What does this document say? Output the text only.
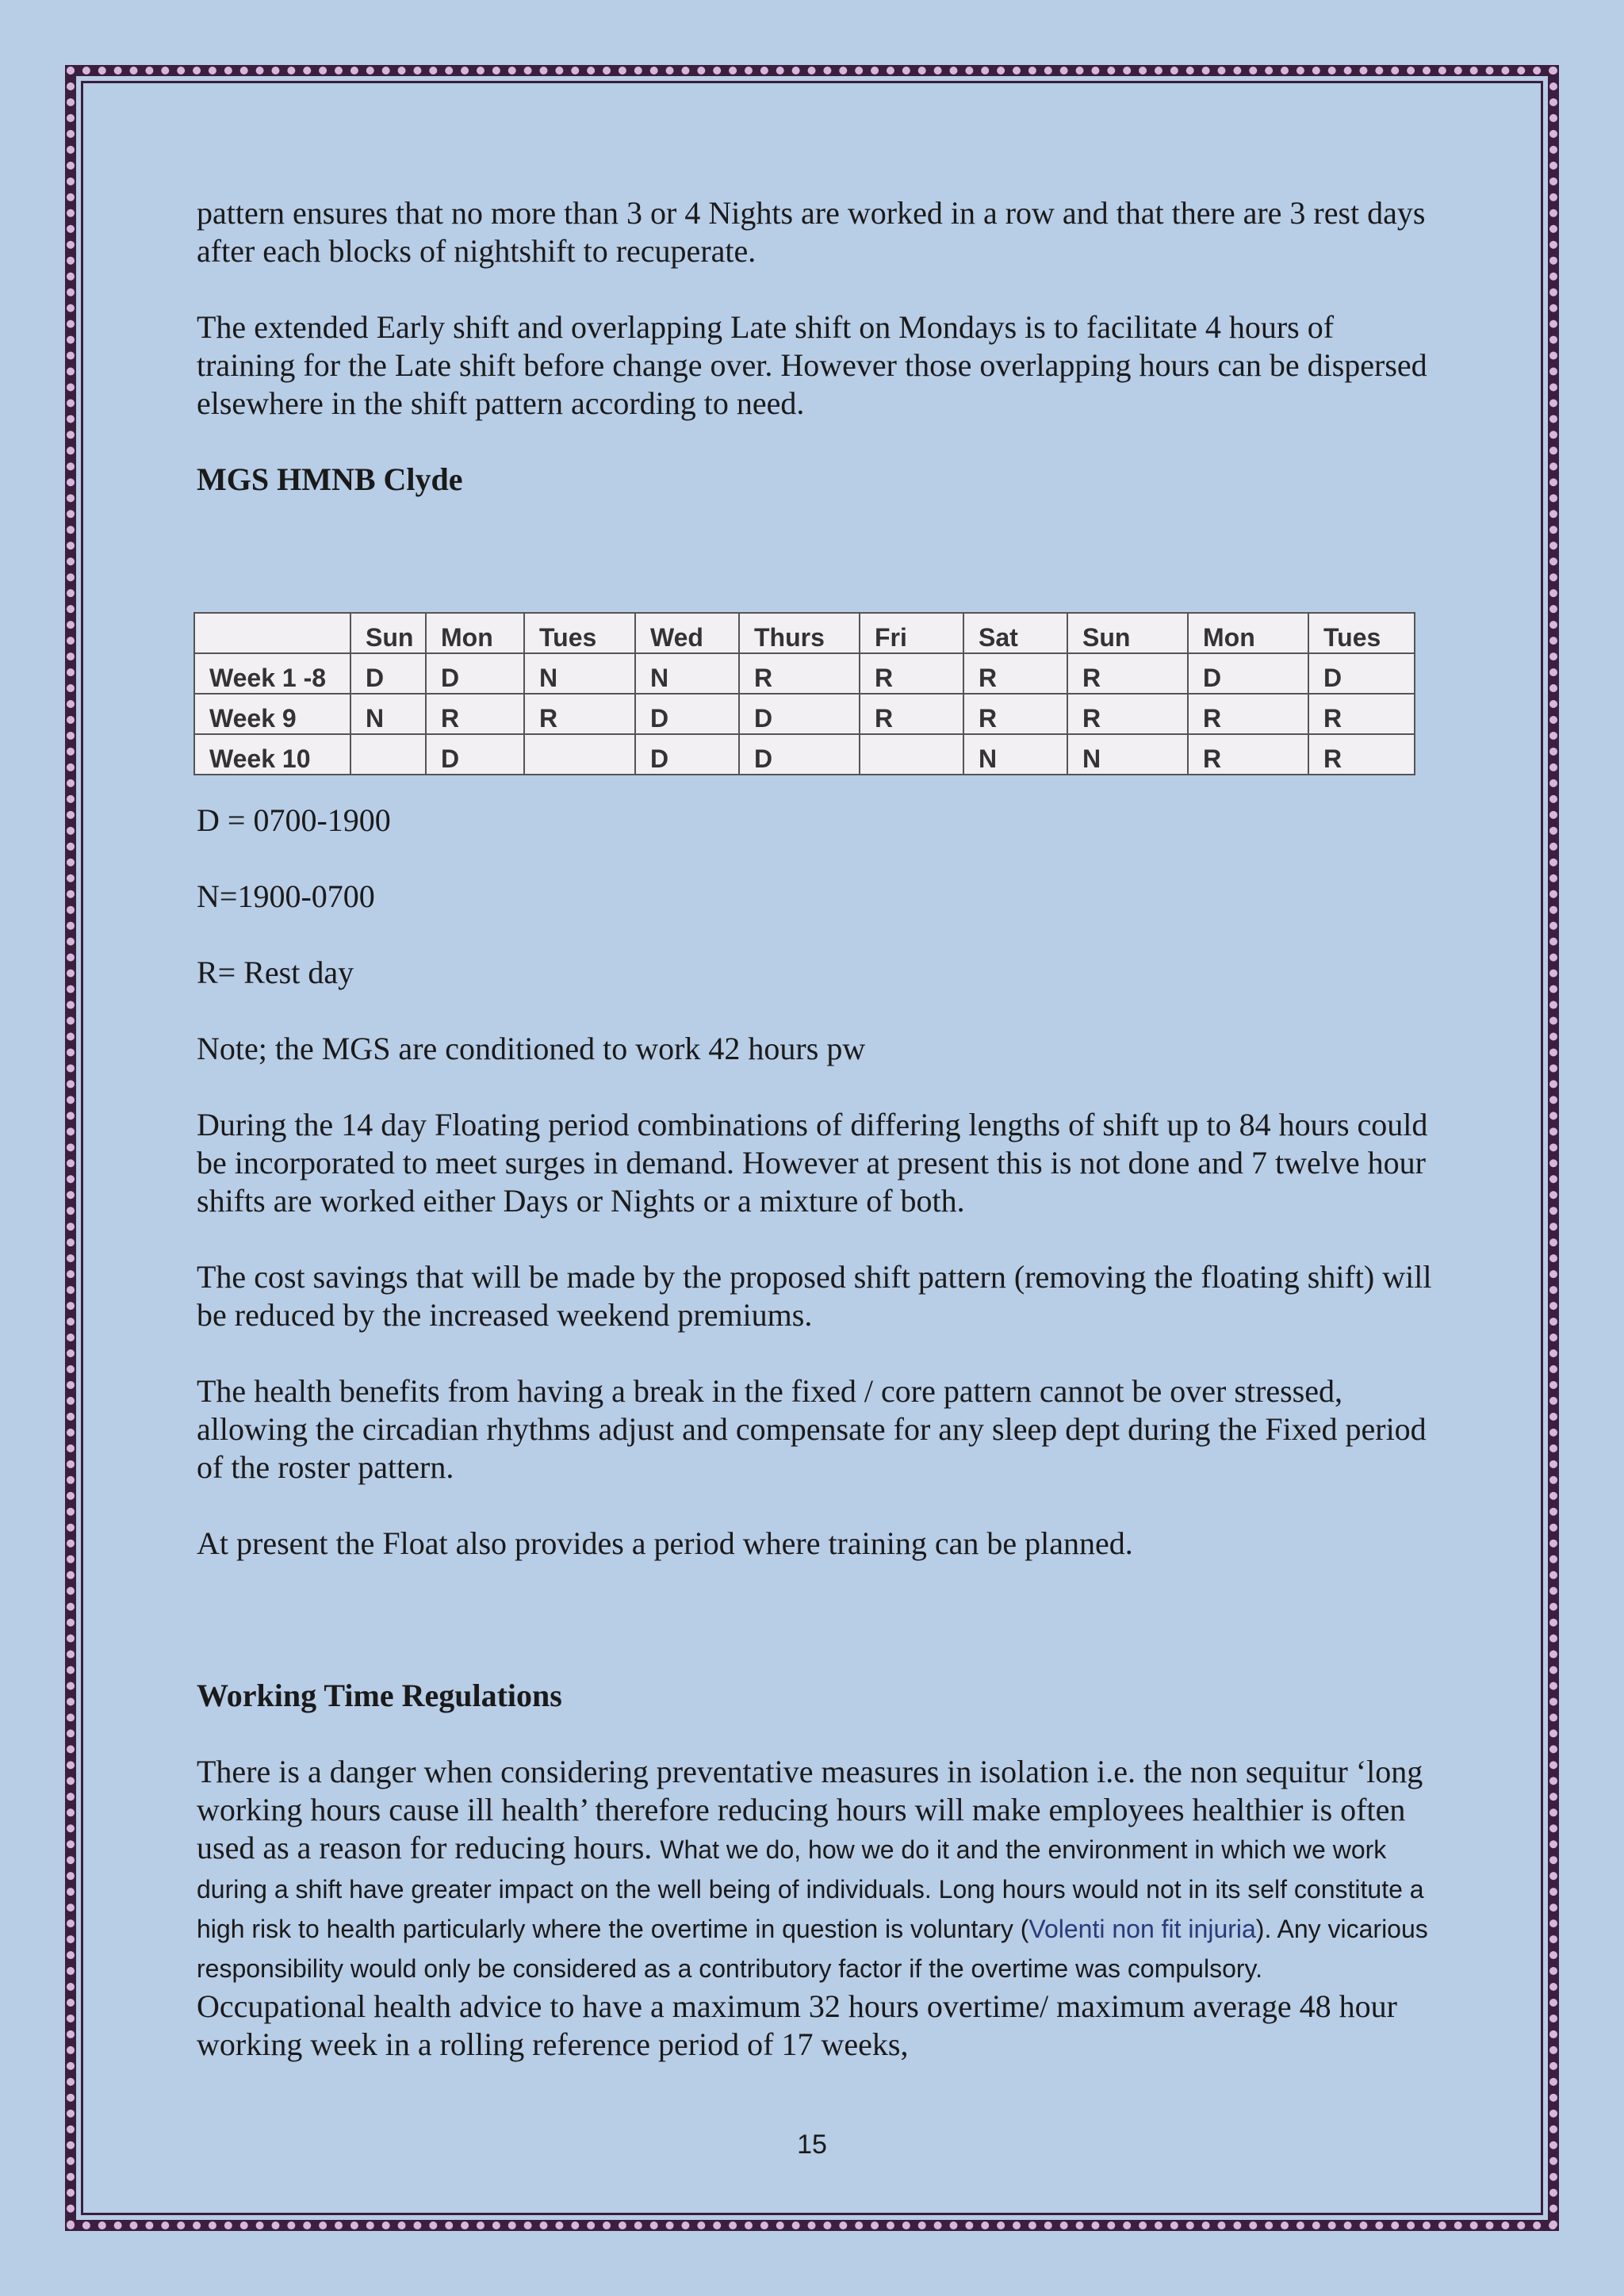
pattern ensures that no more than 3 or 4 Nights are worked in a row and that there are 3 rest days after each blocks of nightshift to recuperate.

The extended Early shift and overlapping Late shift on Mondays is to facilitate 4 hours of training for the Late shift before change over. However those overlapping hours can be dispersed elsewhere in the shift pattern according to need.

MGS HMNB Clyde

D = 0700-1900

N=1900-0700

R= Rest day

Note; the MGS are conditioned to work 42 hours pw

During the 14 day Floating period combinations of differing lengths of shift up to 84 hours could be incorporated to meet surges in demand. However at present this is not done and 7 twelve hour shifts are worked either Days or Nights or a mixture of both.

The cost savings that will be made by the proposed shift pattern (removing the floating shift) will be reduced by the increased weekend premiums.

The health benefits from having a break in the fixed / core pattern cannot be over stressed, allowing the circadian rhythms adjust and compensate for any sleep dept during the Fixed period of the roster pattern.

At present the Float also provides a period where training can be planned.

Working Time Regulations

There is a danger when considering preventative measures in isolation i.e. the non sequitur ‘long working hours cause ill health’ therefore reducing hours will make employees healthier is often used as a reason for reducing hours. What we do, how we do it and the environment in which we work during a shift have greater impact on the well being of individuals. Long hours would not in its self constitute a high risk to health particularly where the overtime in question is voluntary (Volenti non fit injuria). Any vicarious responsibility would only be considered as a contributory factor if the overtime was compulsory. Occupational health advice to have a maximum 32 hours overtime/ maximum average 48 hour working week in a rolling reference period of 17 weeks,

	Sun	Mon	Tues	Wed	Thurs	Fri	Sat	Sun	Mon	Tues
Week 1 -8	D	D	N	N	R	R	R	R	D	D
Week 9	N	R	R	D	D	R	R	R	R	R
Week 10		D		D	D		N	N	R	R
15
